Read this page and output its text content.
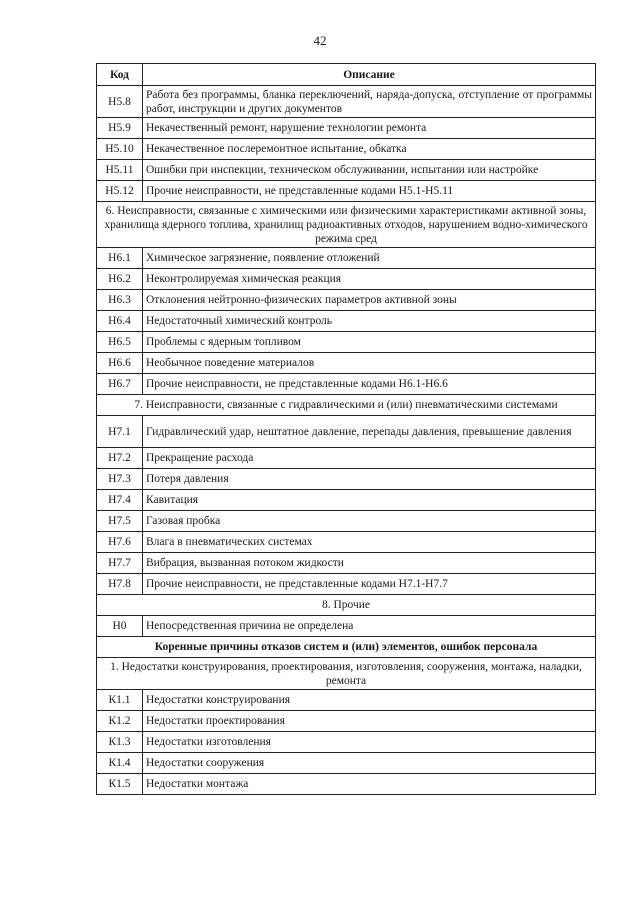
42
Код	Описание
Н5.8	Работа без программы, бланка переключений, наряда-допуска, отступление от программы работ, инструкции и других документов
Н5.9	Некачественный ремонт, нарушение технологии ремонта
Н5.10	Некачественное послеремонтное испытание, обкатка
Н5.11	Ошибки при инспекции, техническом обслуживании, испытании или настройке
Н5.12	Прочие неисправности, не представленные кодами Н5.1-Н5.11
6. Неисправности, связанные с химическими или физическими характеристиками активной зоны, хранилища ядерного топлива, хранилищ радиоактивных отходов, нарушением водно-химического режима сред	
Н6.1	Химическое загрязнение, появление отложений
Н6.2	Неконтролируемая химическая реакция
Н6.3	Отклонения нейтронно-физических параметров активной зоны
Н6.4	Недостаточный химический контроль
Н6.5	Проблемы с ядерным топливом
Н6.6	Необычное поведение материалов
Н6.7	Прочие неисправности, не представленные кодами Н6.1-Н6.6
7. Неисправности, связанные с гидравлическими и (или) пневматическими системами	
Н7.1	Гидравлический удар, нештатное давление, перепады давления, превышение давления
Н7.2	Прекращение расхода
Н7.3	Потеря давления
Н7.4	Кавитация
Н7.5	Газовая пробка
Н7.6	Влага в пневматических системах
Н7.7	Вибрация, вызванная потоком жидкости
Н7.8	Прочие неисправности, не представленные кодами Н7.1-Н7.7
8. Прочие	
Н0	Непосредственная причина не определена
Коренные причины отказов систем и (или) элементов, ошибок персонала	
1. Недостатки конструирования, проектирования, изготовления, сооружения, монтажа, наладки, ремонта	
К1.1	Недостатки конструирования
К1.2	Недостатки проектирования
К1.3	Недостатки изготовления
К1.4	Недостатки сооружения
К1.5	Недостатки монтажа
